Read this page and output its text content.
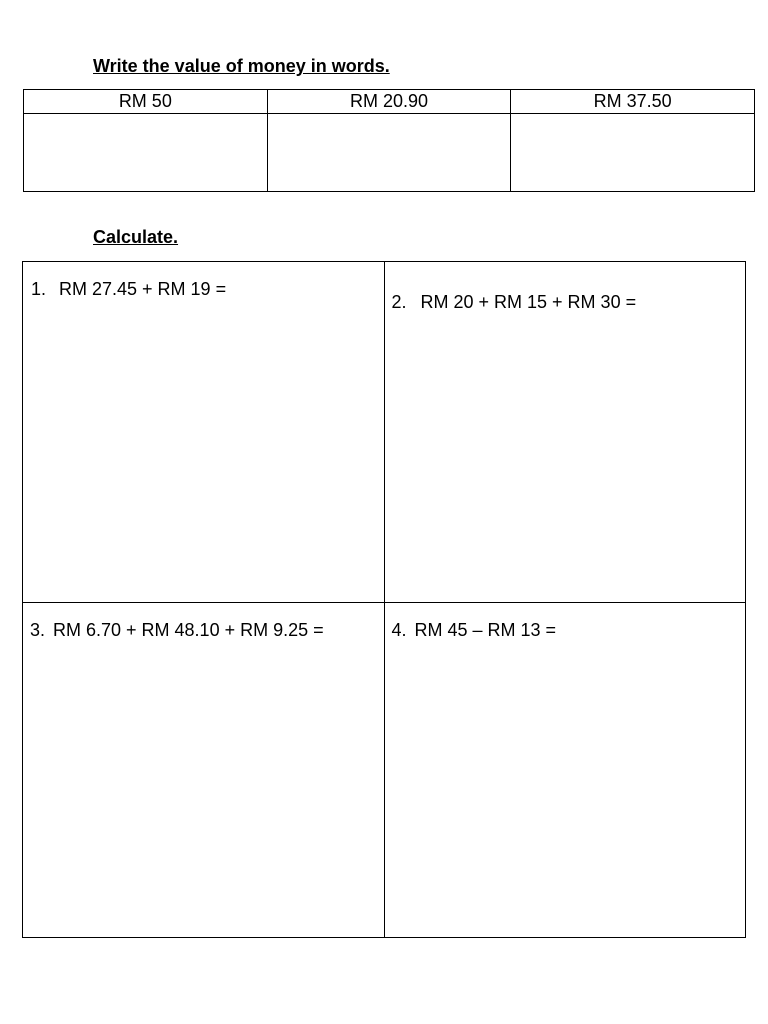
Write the value of money in words.
RM 50	RM 20.90	RM 37.50

Calculate.
1. RM 27.45 + RM 19 =	2. RM 20 + RM 15 + RM 30 =

3. RM 6.70 + RM 48.10 + RM 9.25 =	4. RM 45 – RM 13 =
